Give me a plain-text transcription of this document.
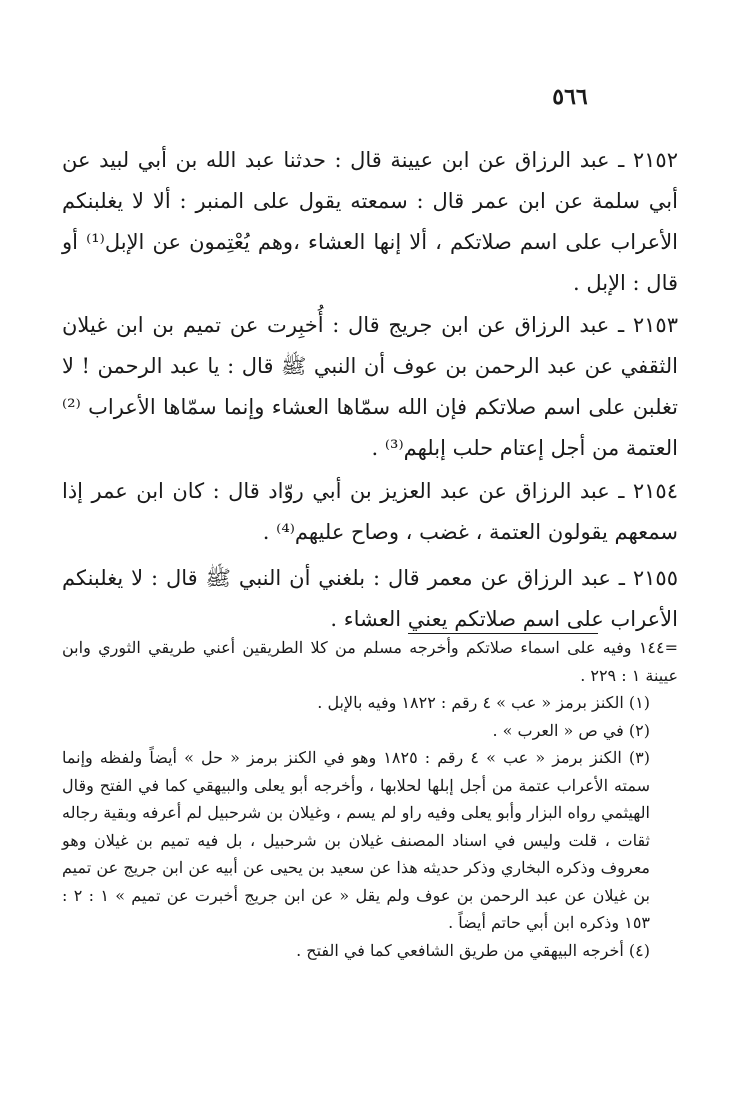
٥٦٦

٢١٥٢ ـ عبد الرزاق عن ابن عيينة قال : حدثنا عبد الله بن أبي لبيد عن أبي سلمة عن ابن عمر قال : سمعته يقول على المنبر : ألا لا يغلبنكم الأعراب على اسم صلاتكم ، ألا إنها العشاء ،وهم يُعْتِمون عن الإبل⁽¹⁾ أو قال : الإبل .

٢١٥٣ ـ عبد الرزاق عن ابن جريج قال : أُخبِرت عن تميم بن ابن غيلان الثقفي عن عبد الرحمن بن عوف أن النبي ﷺ قال : يا عبد الرحمن ! لا تغلبن على اسم صلاتكم فإن الله سمّاها العشاء وإنما سمّاها الأعراب ⁽²⁾ العتمة من أجل إعتام حلب إبلهم⁽³⁾ .

٢١٥٤ ـ عبد الرزاق عن عبد العزيز بن أبي روّاد قال : كان ابن عمر إذا سمعهم يقولون العتمة ، غضب ، وصاح عليهم⁽⁴⁾ .

٢١٥٥ ـ عبد الرزاق عن معمر قال : بلغني أن النبي ﷺ قال : لا يغلبنكم الأعراب على اسم صلاتكم يعني العشاء .

=١٤٤ وفيه على اسماء صلاتكم وأخرجه مسلم من كلا الطريقين أعني طريقي الثوري وابن عيينة ١ : ٢٢٩ .

(١) الكنز برمز « عب » ٤ رقم : ١٨٢٢ وفيه بالإبل .

(٢) في ص « العرب » .

(٣) الكنز برمز « عب » ٤ رقم : ١٨٢٥ وهو في الكنز برمز « حل » أيضاً ولفظه وإنما سمته الأعراب عتمة من أجل إبلها لحلابها ، وأخرجه أبو يعلى والبيهقي كما في الفتح وقال الهيثمي رواه البزار وأبو يعلى وفيه راو لم يسم ، وغيلان بن شرحبيل لم أعرفه وبقية رجاله ثقات ، قلت وليس في اسناد المصنف غيلان بن شرحبيل ، بل فيه تميم بن غيلان وهو معروف وذكره البخاري وذكر حديثه هذا عن سعيد بن يحيى عن أبيه عن ابن جريج عن تميم بن غيلان عن عبد الرحمن بن عوف ولم يقل « عن ابن جريج أخبرت عن تميم » ١ : ٢ : ١٥٣ وذكره ابن أبي حاتم أيضاً .

(٤) أخرجه البيهقي من طريق الشافعي كما في الفتح .
